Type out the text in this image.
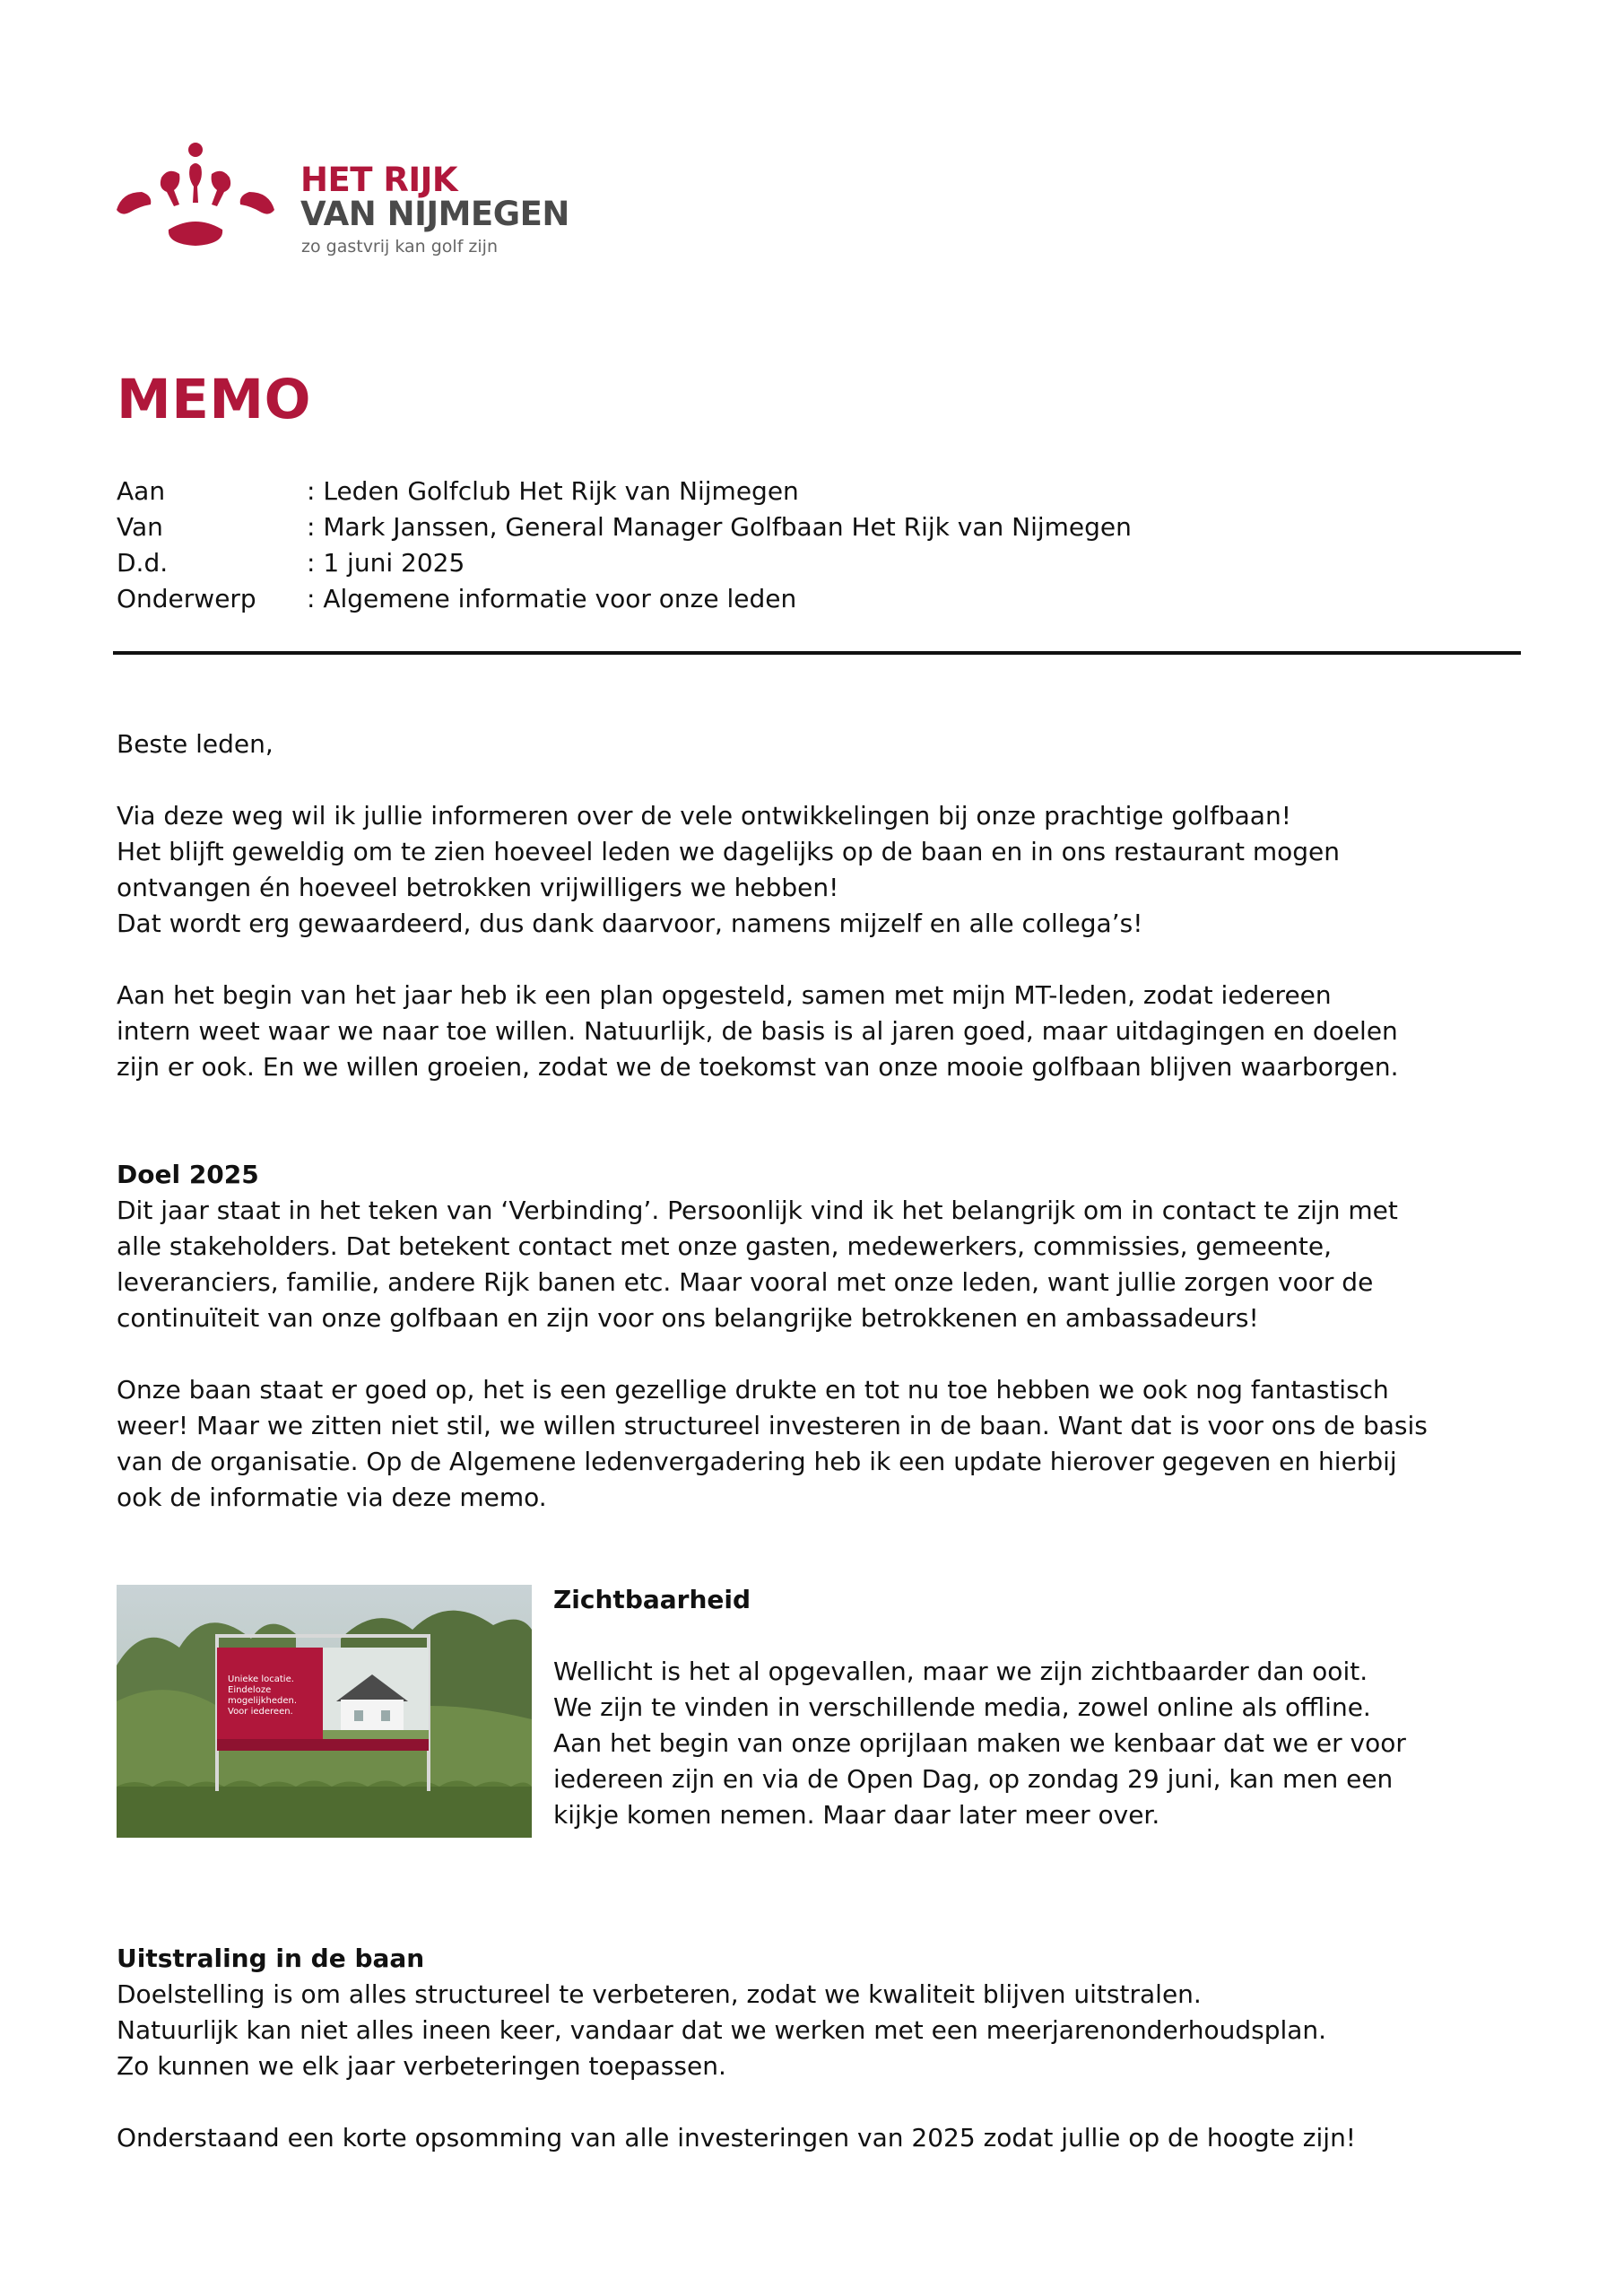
HET RIJK
VAN NIJMEGEN
zo gastvrij kan golf zijn
MEMO
Aan	: Leden Golfclub Het Rijk van Nijmegen
Van	: Mark Janssen, General Manager Golfbaan Het Rijk van Nijmegen
D.d.	: 1 juni 2025
Onderwerp : Algemene informatie voor onze leden

Beste leden,

Via deze weg wil ik jullie informeren over de vele ontwikkelingen bij onze prachtige golfbaan!
Het blijft geweldig om te zien hoeveel leden we dagelijks op de baan en in ons restaurant mogen
ontvangen én hoeveel betrokken vrijwilligers we hebben!
Dat wordt erg gewaardeerd, dus dank daarvoor, namens mijzelf en alle collega’s!

Aan het begin van het jaar heb ik een plan opgesteld, samen met mijn MT-leden, zodat iedereen
intern weet waar we naar toe willen. Natuurlijk, de basis is al jaren goed, maar uitdagingen en doelen
zijn er ook. En we willen groeien, zodat we de toekomst van onze mooie golfbaan blijven waarborgen.

Doel 2025

Dit jaar staat in het teken van ‘Verbinding’. Persoonlijk vind ik het belangrijk om in contact te zijn met
alle stakeholders. Dat betekent contact met onze gasten, medewerkers, commissies, gemeente,
leveranciers, familie, andere Rijk banen etc. Maar vooral met onze leden, want jullie zorgen voor de
continuïteit van onze golfbaan en zijn voor ons belangrijke betrokkenen en ambassadeurs!

Onze baan staat er goed op, het is een gezellige drukte en tot nu toe hebben we ook nog fantastisch
weer! Maar we zitten niet stil, we willen structureel investeren in de baan. Want dat is voor ons de basis
van de organisatie. Op de Algemene ledenvergadering heb ik een update hierover gegeven en hierbij
ook de informatie via deze memo.

Unieke locatie. Eindeloze mogelijkheden. Voor iedereen.

Zichtbaarheid

Wellicht is het al opgevallen, maar we zijn zichtbaarder dan ooit.
We zijn te vinden in verschillende media, zowel online als offline.
Aan het begin van onze oprijlaan maken we kenbaar dat we er voor
iedereen zijn en via de Open Dag, op zondag 29 juni, kan men een
kijkje komen nemen. Maar daar later meer over.

Uitstraling in de baan

Doelstelling is om alles structureel te verbeteren, zodat we kwaliteit blijven uitstralen.
Natuurlijk kan niet alles ineen keer, vandaar dat we werken met een meerjarenonderhoudsplan.
Zo kunnen we elk jaar verbeteringen toepassen.

Onderstaand een korte opsomming van alle investeringen van 2025 zodat jullie op de hoogte zijn!
